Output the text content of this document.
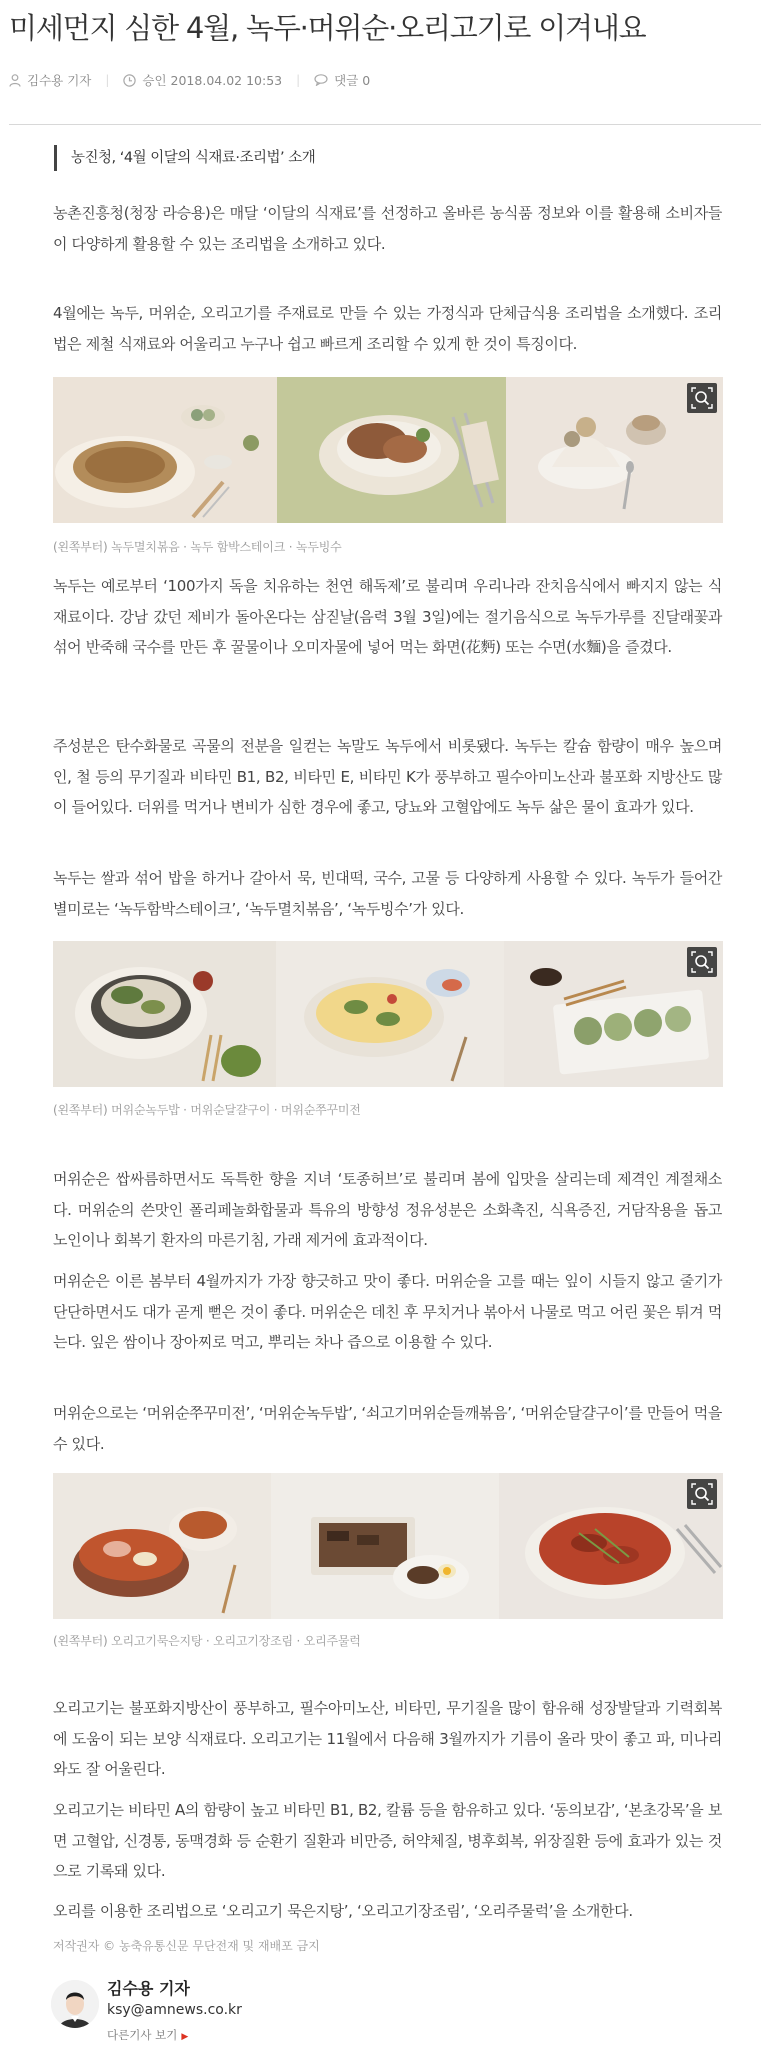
미세먼지 심한 4월, 녹두·머위순·오리고기로 이겨내요
김수용 기자 |	승인 2018.04.02 10:53 |	댓글 0
농진청, ‘4월 이달의 식재료·조리법’ 소개

농촌진흥청(청장 라승용)은 매달 ‘이달의 식재료’를 선정하고 올바른 농식품 정보와 이를 활용해 소비자들이 다양하게 활용할 수 있는 조리법을 소개하고 있다.

4월에는 녹두, 머위순, 오리고기를 주재료로 만들 수 있는 가정식과 단체급식용 조리법을 소개했다. 조리법은 제철 식재료와 어울리고 누구나 쉽고 빠르게 조리할 수 있게 한 것이 특징이다.

(왼쪽부터) 녹두멸치볶음 · 녹두 함박스테이크 · 녹두빙수

녹두는 예로부터 ‘100가지 독을 치유하는 천연 해독제’로 불리며 우리나라 잔치음식에서 빠지지 않는 식재료이다. 강남 갔던 제비가 돌아온다는 삼짇날(음력 3월 3일)에는 절기음식으로 녹두가루를 진달래꽃과 섞어 반죽해 국수를 만든 후 꿀물이나 오미자물에 넣어 먹는 화면(花麪) 또는 수면(水麵)을 즐겼다.

주성분은 탄수화물로 곡물의 전분을 일컫는 녹말도 녹두에서 비롯됐다. 녹두는 칼슘 함량이 매우 높으며 인, 철 등의 무기질과 비타민 B1, B2, 비타민 E, 비타민 K가 풍부하고 필수아미노산과 불포화 지방산도 많이 들어있다. 더위를 먹거나 변비가 심한 경우에 좋고, 당뇨와 고혈압에도 녹두 삶은 물이 효과가 있다.

녹두는 쌀과 섞어 밥을 하거나 갈아서 묵, 빈대떡, 국수, 고물 등 다양하게 사용할 수 있다. 녹두가 들어간 별미로는 ‘녹두함박스테이크’, ‘녹두멸치볶음’, ‘녹두빙수’가 있다.

(왼쪽부터) 머위순녹두밥 · 머위순달걀구이 · 머위순쭈꾸미전

머위순은 쌉싸름하면서도 독특한 향을 지녀 ‘토종허브’로 불리며 봄에 입맛을 살리는데 제격인 계절채소다. 머위순의 쓴맛인 폴리페놀화합물과 특유의 방향성 정유성분은 소화촉진, 식욕증진, 거담작용을 돕고 노인이나 회복기 환자의 마른기침, 가래 제거에 효과적이다.

머위순은 이른 봄부터 4월까지가 가장 향긋하고 맛이 좋다. 머위순을 고를 때는 잎이 시들지 않고 줄기가 단단하면서도 대가 곧게 뻗은 것이 좋다. 머위순은 데친 후 무치거나 볶아서 나물로 먹고 어린 꽃은 튀겨 먹는다. 잎은 쌈이나 장아찌로 먹고, 뿌리는 차나 즙으로 이용할 수 있다.

머위순으로는 ‘머위순쭈꾸미전’, ‘머위순녹두밥’, ‘쇠고기머위순들깨볶음’, ‘머위순달걀구이’를 만들어 먹을 수 있다.

(왼쪽부터) 오리고기묵은지탕 · 오리고기장조림 · 오리주물럭

오리고기는 불포화지방산이 풍부하고, 필수아미노산, 비타민, 무기질을 많이 함유해 성장발달과 기력회복에 도움이 되는 보양 식재료다. 오리고기는 11월에서 다음해 3월까지가 기름이 올라 맛이 좋고 파, 미나리와도 잘 어울린다.

오리고기는 비타민 A의 함량이 높고 비타민 B1, B2, 칼륨 등을 함유하고 있다. ‘동의보감’, ‘본초강목’을 보면 고혈압, 신경통, 동맥경화 등 순환기 질환과 비만증, 허약체질, 병후회복, 위장질환 등에 효과가 있는 것으로 기록돼 있다.

오리를 이용한 조리법으로 ‘오리고기 묵은지탕’, ‘오리고기장조림’, ‘오리주물럭’을 소개한다.

저작권자 © 농축유통신문 무단전재 및 재배포 금지
김수용 기자
ksy@amnews.co.kr
다른기사 보기 ▶
